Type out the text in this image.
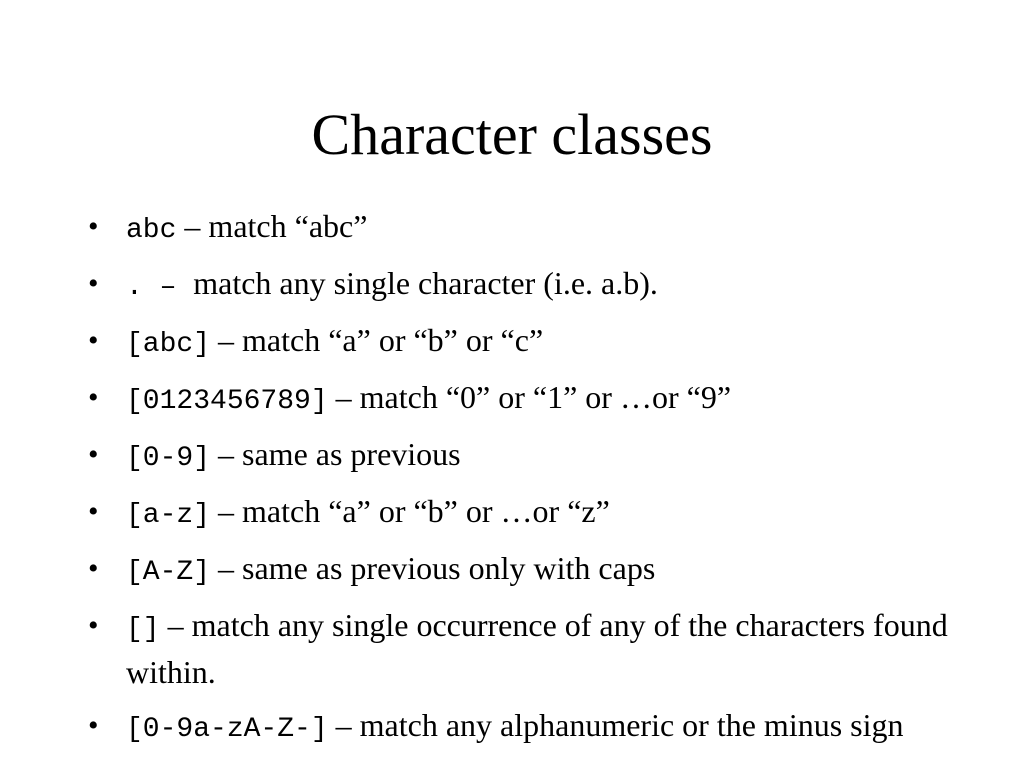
Character classes
• abc – match “abc”
• . – match any single character (i.e. a.b).
• [abc] – match “a” or “b” or “c”
• [0123456789] – match “0” or “1” or …or “9”
• [0-9] – same as previous
• [a-z] – match “a” or “b” or …or “z”
• [A-Z] – same as previous only with caps
• [] – match any single occurrence of any of the characters found within.
• [0-9a-zA-Z-] – match any alphanumeric or the minus sign
